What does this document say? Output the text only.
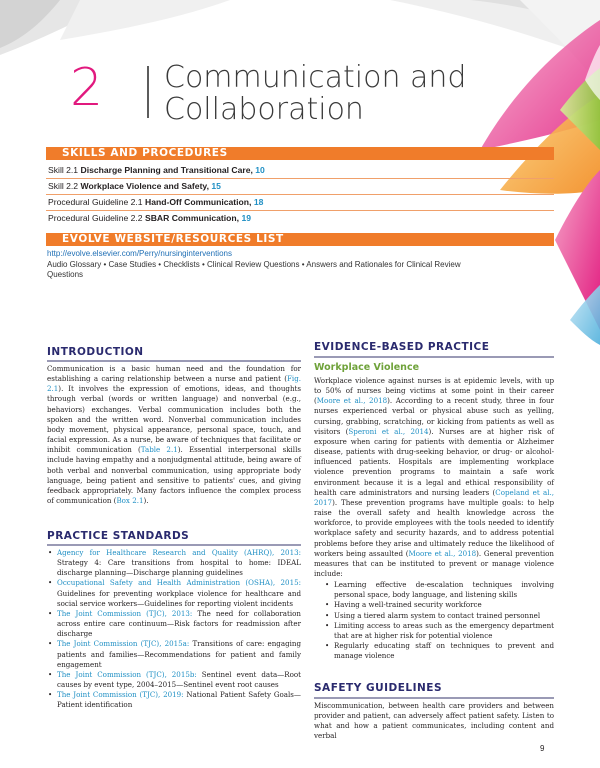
2 Communication and
Collaboration
SKILLS AND PROCEDURES
Skill 2.1 Discharge Planning and Transitional Care, 10
Skill 2.2 Workplace Violence and Safety, 15
Procedural Guideline 2.1 Hand-Off Communication, 18
Procedural Guideline 2.2 SBAR Communication, 19
EVOLVE WEBSITE/RESOURCES LIST
http://evolve.elsevier.com/Perry/nursinginterventions
Audio Glossary • Case Studies • Checklists • Clinical Review Questions • Answers and Rationales for Clinical Review Questions
INTRODUCTION
Communication is a basic human need and the foundation for establishing a caring relationship between a nurse and patient (Fig. 2.1). It involves the expression of emotions, ideas, and thoughts through verbal (words or written language) and nonverbal (e.g., behaviors) exchanges. Verbal communication includes both the spoken and the written word. Nonverbal communication includes body movement, physical appearance, personal space, touch, and facial expression. As a nurse, be aware of techniques that facilitate or inhibit communication (Table 2.1). Essential interpersonal skills include having empathy and a nonjudgmental attitude, being aware of both verbal and nonverbal communication, using appropriate body language, being patient and sensitive to patients' cues, and giving feedback appropriately. Many factors influence the complex process of communication (Box 2.1).
PRACTICE STANDARDS
• Agency for Healthcare Research and Quality (AHRQ), 2013: Strategy 4: Care transitions from hospital to home: IDEAL discharge planning—Discharge planning guidelines
• Occupational Safety and Health Administration (OSHA), 2015: Guidelines for preventing workplace violence for healthcare and social service workers—Guidelines for reporting violent incidents
• The Joint Commission (TJC), 2013: The need for collaboration across entire care continuum—Risk factors for readmission after discharge
• The Joint Commission (TJC), 2015a: Transitions of care: engaging patients and families—Recommendations for patient and family engagement
• The Joint Commission (TJC), 2015b: Sentinel event data—Root causes by event type, 2004–2015—Sentinel event root causes
• The Joint Commission (TJC), 2019: National Patient Safety Goals—Patient identification
EVIDENCE-BASED PRACTICE
Workplace Violence
Workplace violence against nurses is at epidemic levels, with up to 50% of nurses being victims at some point in their career (Moore et al., 2018). According to a recent study, three in four nurses experienced verbal or physical abuse such as yelling, cursing, grabbing, scratching, or kicking from patients as well as visitors (Speroni et al., 2014). Nurses are at higher risk of exposure when caring for patients with dementia or Alzheimer disease, patients with drug-seeking behavior, or drug- or alcohol-influenced patients. Hospitals are implementing workplace violence prevention programs to maintain a safe work environment because it is a legal and ethical responsibility of health care administrators and nursing leaders (Copeland et al., 2017). These prevention programs have multiple goals: to help raise the overall safety and health knowledge across the workforce, to provide employees with the tools needed to identify workplace safety and security hazards, and to address potential problems before they arise and ultimately reduce the likelihood of workers being assaulted (Moore et al., 2018). General prevention measures that can be instituted to prevent or manage violence include:
• Learning effective de-escalation techniques involving personal space, body language, and listening skills
• Having a well-trained security workforce
• Using a tiered alarm system to contact trained personnel
• Limiting access to areas such as the emergency department that are at higher risk for potential violence
• Regularly educating staff on techniques to prevent and manage violence
SAFETY GUIDELINES
Miscommunication, between health care providers and between provider and patient, can adversely affect patient safety. Listen to what and how a patient communicates, including content and verbal
9
